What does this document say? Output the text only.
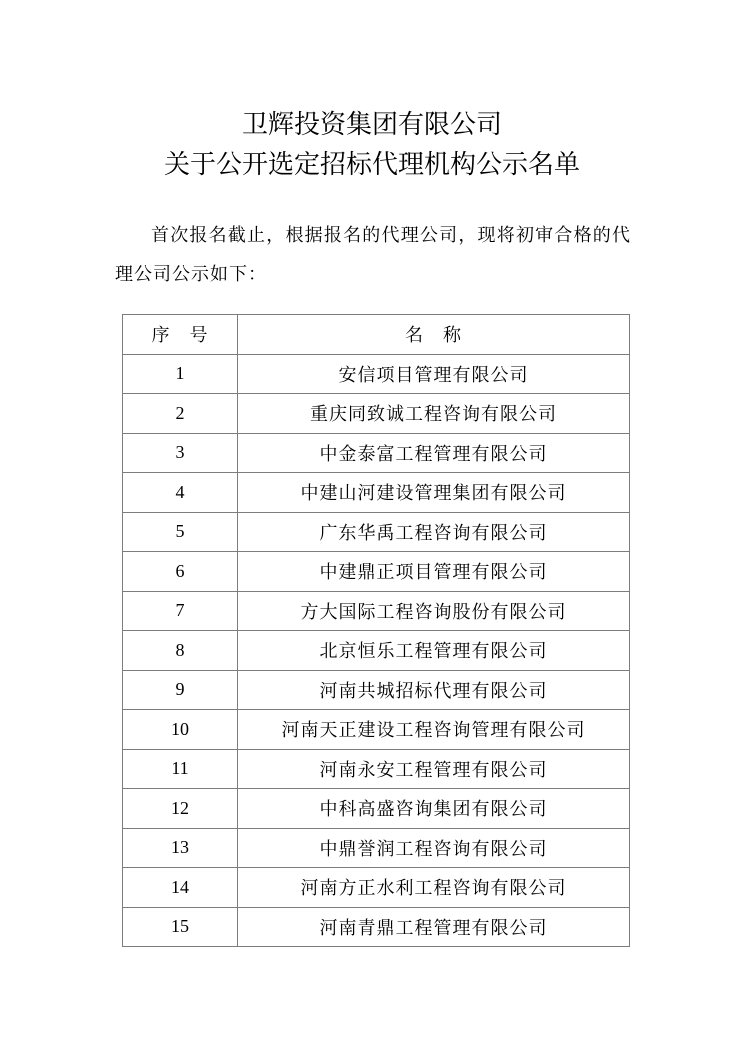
卫辉投资集团有限公司
关于公开选定招标代理机构公示名单

首次报名截止，根据报名的代理公司，现将初审合格的代理公司公示如下：

序　号	名　称
1	安信项目管理有限公司
2	重庆同致诚工程咨询有限公司
3	中金泰富工程管理有限公司
4	中建山河建设管理集团有限公司
5	广东华禹工程咨询有限公司
6	中建鼎正项目管理有限公司
7	方大国际工程咨询股份有限公司
8	北京恒乐工程管理有限公司
9	河南共城招标代理有限公司
10	河南天正建设工程咨询管理有限公司
11	河南永安工程管理有限公司
12	中科高盛咨询集团有限公司
13	中鼎誉润工程咨询有限公司
14	河南方正水利工程咨询有限公司
15	河南青鼎工程管理有限公司
